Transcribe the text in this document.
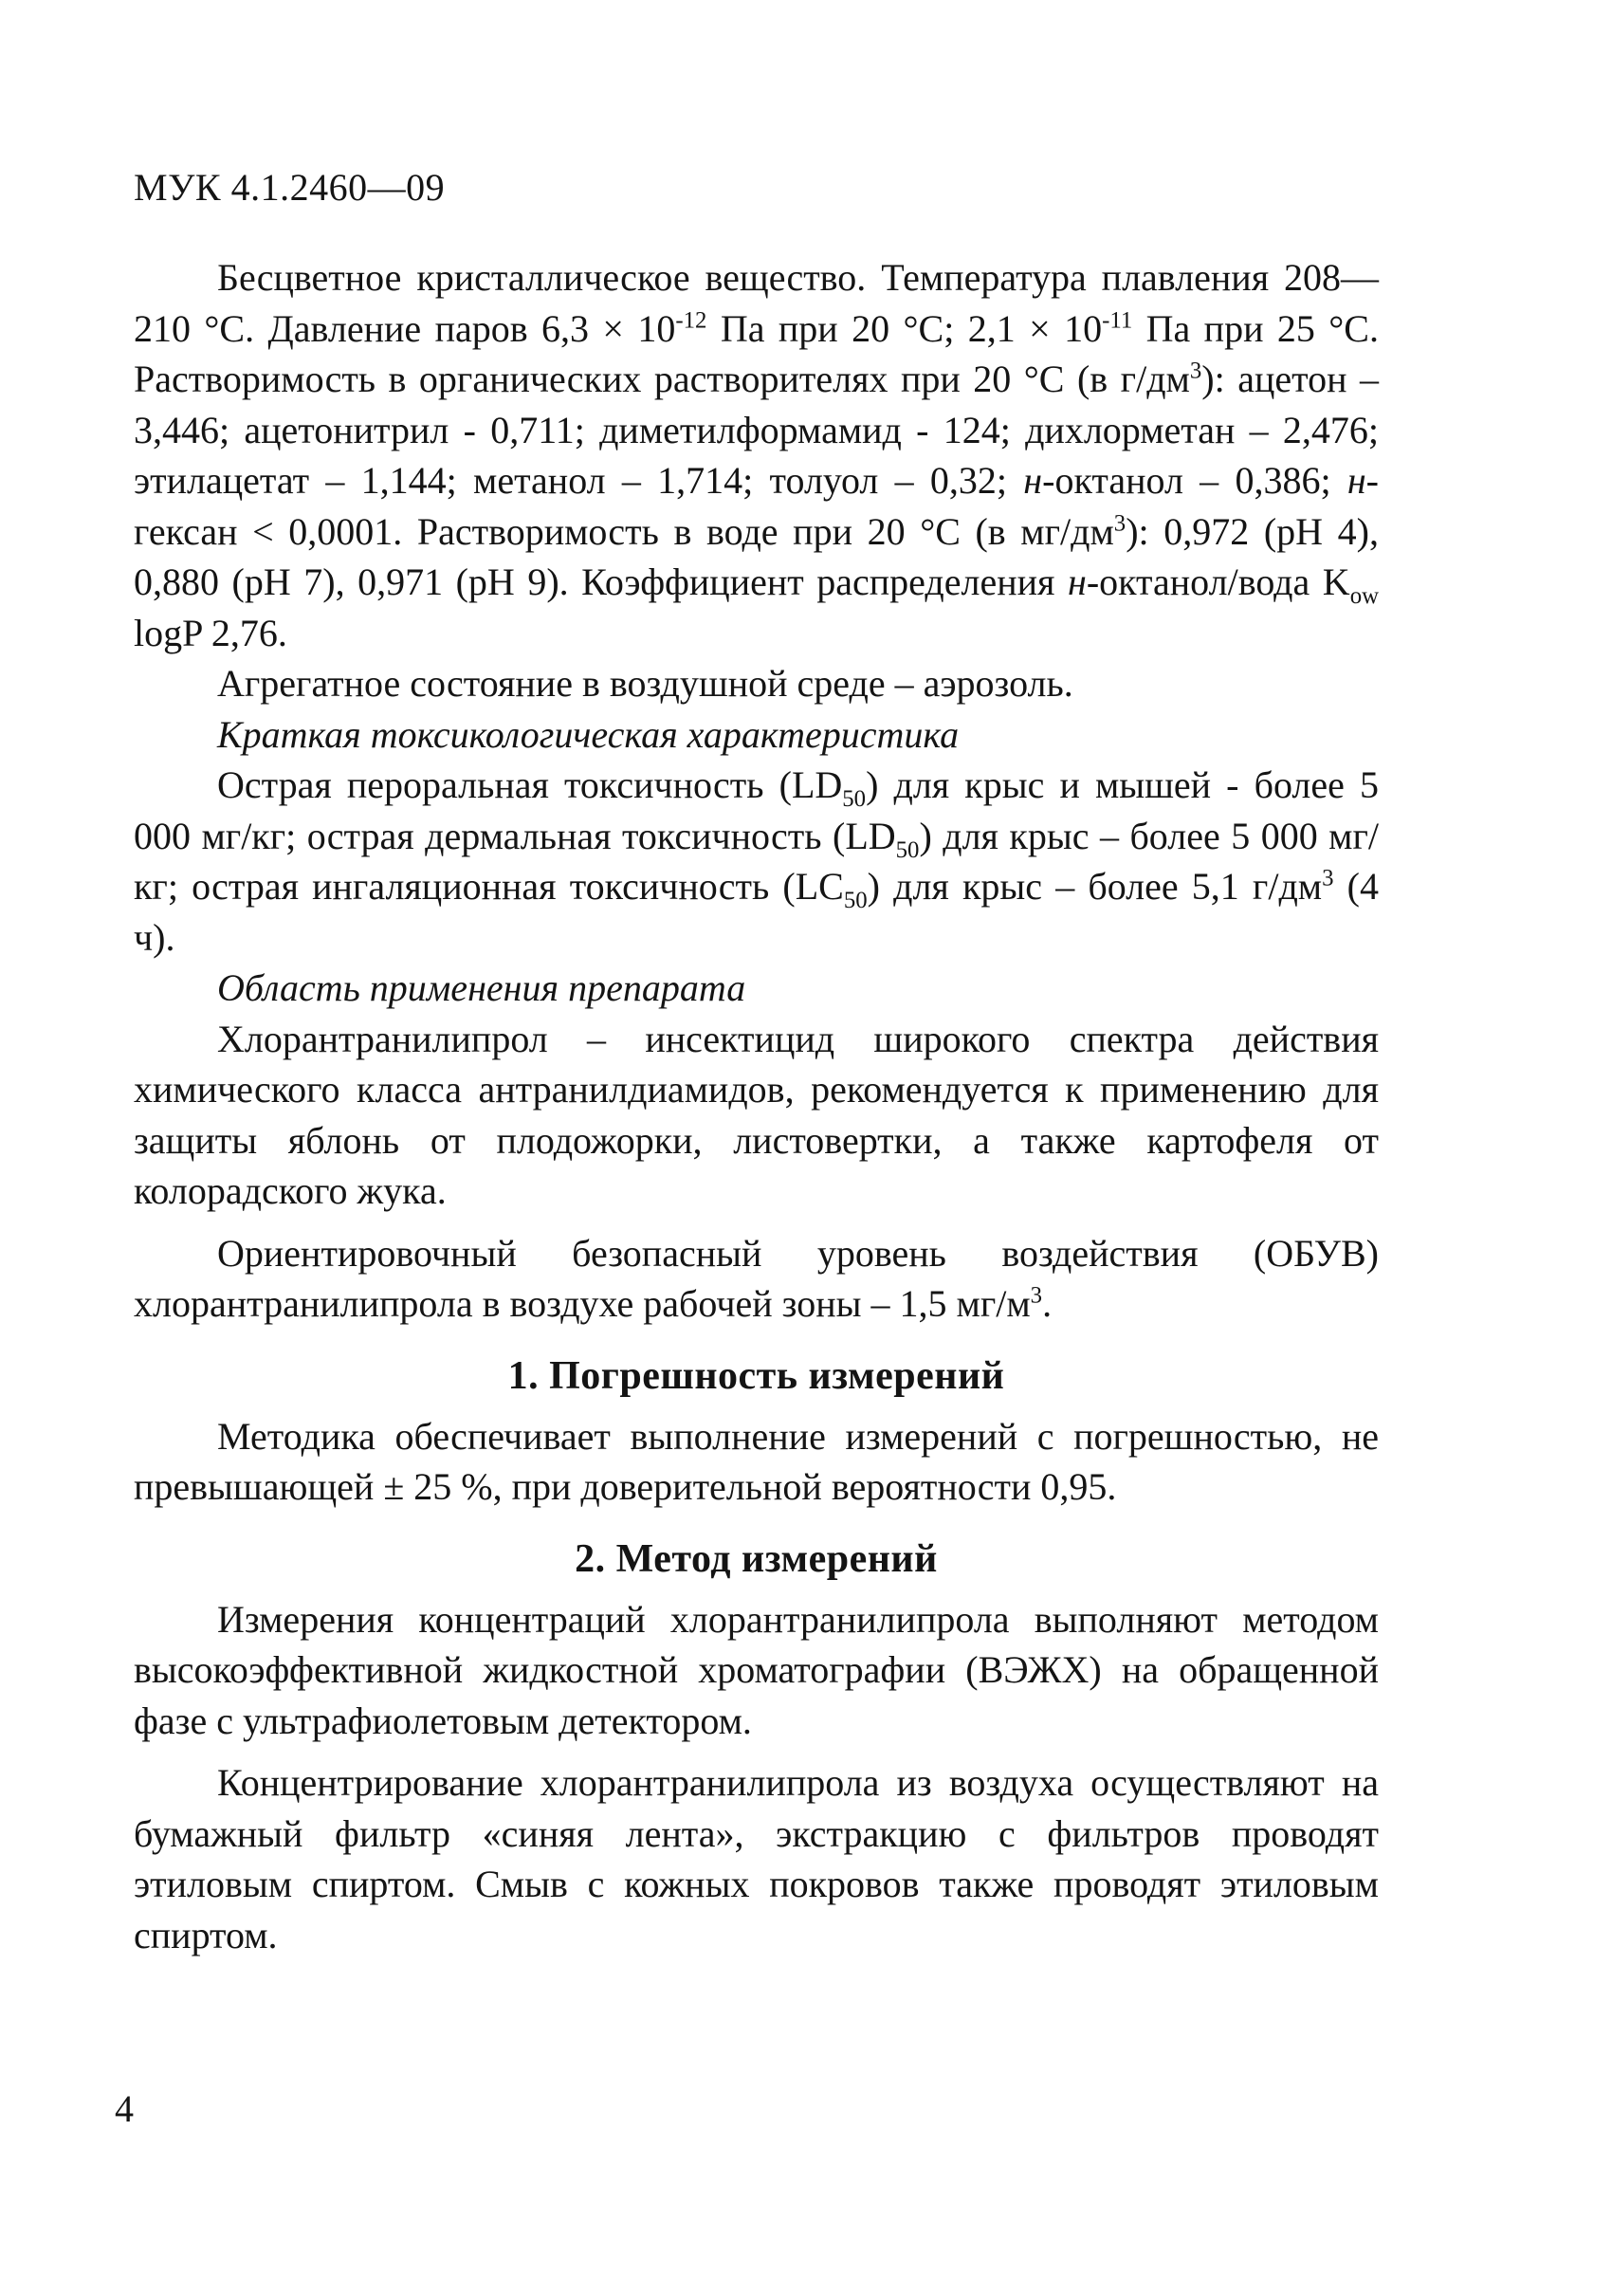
МУК 4.1.2460—09

Бесцветное кристаллическое вещество. Температура плавления 208—210 °С. Давление паров $6,3 \times 10^{-12}$ Па при 20 °С; $2,1 \times 10^{-11}$ Па при 25 °С. Растворимость в органических растворителях при 20 °С (в $г/дм^3$): ацетон – 3,446; ацетонитрил - 0,711; диметилформамид - 124; дихлорметан – 2,476; этилацетат – 1,144; метанол – 1,714; толуол – 0,32; н-октанол – 0,386; н-гексан < 0,0001. Растворимость в воде при 20 °С (в $мг/дм^3$): 0,972 (рН 4), 0,880 (рН 7), 0,971 (рН 9). Коэффициент распределения н-октанол/вода $K_{ow}$ logP 2,76.

Агрегатное состояние в воздушной среде – аэрозоль.

Краткая токсикологическая характеристика

Острая пероральная токсичность $(LD_{50})$ для крыс и мышей - более 5 000 мг/кг; острая дермальная токсичность $(LD_{50})$ для крыс – более 5 000 мг/кг; острая ингаляционная токсичность $(LC_{50})$ для крыс – более 5,1 $г/дм^3$ (4 ч).

Область применения препарата

Хлорантранилипрол – инсектицид широкого спектра действия химического класса антранилдиамидов, рекомендуется к применению для защиты яблонь от плодожорки, листовертки, а также картофеля от колорадского жука.

Ориентировочный безопасный уровень воздействия (ОБУВ) хлорантранилипрола в воздухе рабочей зоны – 1,5 $мг/м^3$.

1. Погрешность измерений

Методика обеспечивает выполнение измерений с погрешностью, не превышающей ± 25 %, при доверительной вероятности 0,95.

2. Метод измерений

Измерения концентраций хлорантранилипрола выполняют методом высокоэффективной жидкостной хроматографии (ВЭЖХ) на обращенной фазе с ультрафиолетовым детектором.

Концентрирование хлорантранилипрола из воздуха осуществляют на бумажный фильтр «синяя лента», экстракцию с фильтров проводят этиловым спиртом. Смыв с кожных покровов также проводят этиловым спиртом.

4
